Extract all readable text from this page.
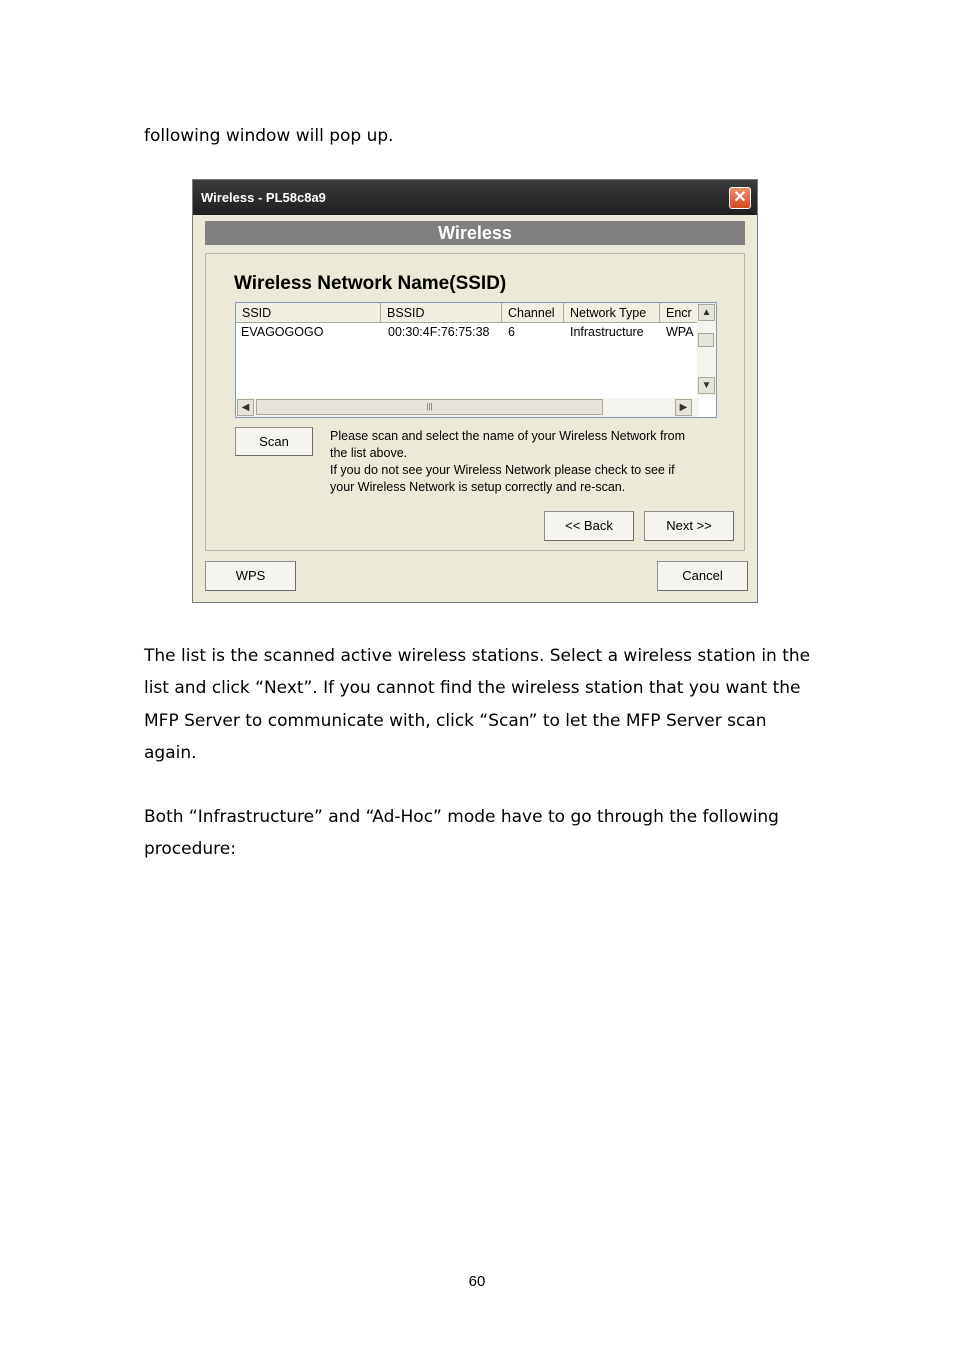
following window will pop up.

Wireless - PL58c8a9	✕
Wireless
Wireless Network Name(SSID)
SSID	BSSID	Channel	Network Type	Encr
EVAGOGOGO	00:30:4F:76:75:38	6	Infrastructure	WPA
▲
▼
◀	|||	▶
Scan	Please scan and select the name of your Wireless Network from
the list above.
If you do not see your Wireless Network please check to see if
your Wireless Network is setup correctly and re-scan.
<< Back	Next >>
WPS	Cancel

The list is the scanned active wireless stations. Select a wireless station in the list and click “Next”. If you cannot find the wireless station that you want the MFP Server to communicate with, click “Scan” to let the MFP Server scan again.

Both “Infrastructure” and “Ad-Hoc” mode have to go through the following procedure:

60
